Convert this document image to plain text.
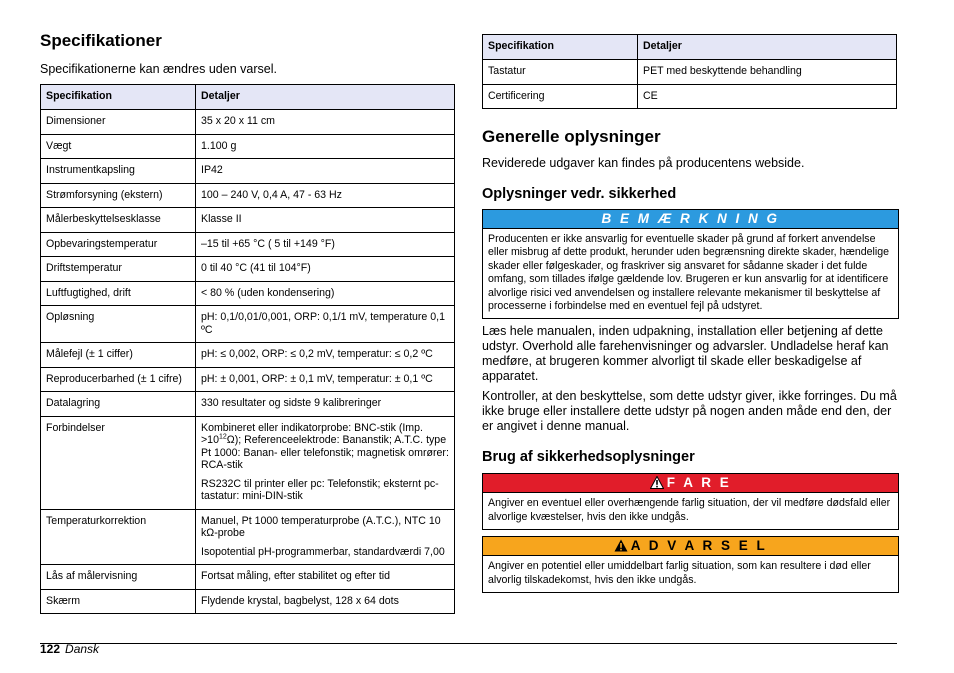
Specifikationer

Specifikationerne kan ændres uden varsel.

Specifikation	Detaljer
Dimensioner	35 x 20 x 11 cm

Vægt	1.100 g

Instrumentkapsling	IP42

Strømforsyning (ekstern)	100 – 240 V, 0,4 A, 47 - 63 Hz

Målerbeskyttelsesklasse	Klasse II

Opbevaringstemperatur	–15 til +65 °C ( 5 til +149 °F)

Driftstemperatur	0 til 40 °C (41 til 104°F)

Luftfugtighed, drift	< 80 % (uden kondensering)

Opløsning	pH: 0,1/0,01/0,001, ORP: 0,1/1 mV, temperature 0,1 ºC

Målefejl (± 1 ciffer)	pH: ≤ 0,002, ORP: ≤ 0,2 mV, temperatur: ≤ 0,2 ºC

Reproducerbarhed (± 1 cifre)	pH: ± 0,001, ORP: ± 0,1 mV, temperatur: ± 0,1 ºC

Datalagring	330 resultater og sidste 9 kalibreringer

Forbindelser	Kombineret eller indikatorprobe: BNC-stik (Imp. $>10^{12}\Omega$); Referenceelektrode: Bananstik; A.T.C. type Pt 1000: Banan- eller telefonstik; magnetisk omrører: RCA-stik
RS232C til printer eller pc: Telefonstik; eksternt pc-tastatur: mini-DIN-stik

Temperaturkorrektion	Manuel, Pt 1000 temperaturprobe (A.T.C.), NTC 10 kΩ-probe
Isopotential pH-programmerbar, standardværdi 7,00

Lås af målervisning	Fortsat måling, efter stabilitet og efter tid

Skærm	Flydende krystal, bagbelyst, 128 x 64 dots
Specifikation	Detaljer
Tastatur	PET med beskyttende behandling
Certificering	CE
Generelle oplysninger

Reviderede udgaver kan findes på producentens webside.

Oplysninger vedr. sikkerhed
B E M Æ R K N I N G
Producenten er ikke ansvarlig for eventuelle skader på grund af forkert anvendelse eller misbrug af dette produkt, herunder uden begrænsning direkte skader, hændelige skader eller følgeskader, og fraskriver sig ansvaret for sådanne skader i det fulde omfang, som tillades ifølge gældende lov. Brugeren er kun ansvarlig for at identificere alvorlige risici ved anvendelsen og installere relevante mekanismer til beskyttelse af processerne i forbindelse med en eventuel fejl på udstyret.

Læs hele manualen, inden udpakning, installation eller betjening af dette udstyr. Overhold alle farehenvisninger og advarsler. Undladelse heraf kan medføre, at brugeren kommer alvorligt til skade eller beskadigelse af apparatet.

Kontroller, at den beskyttelse, som dette udstyr giver, ikke forringes. Du må ikke bruge eller installere dette udstyr på nogen anden måde end den, der er angivet i denne manual.

Brug af sikkerhedsoplysninger
F A R E
Angiver en eventuel eller overhængende farlig situation, der vil medføre dødsfald eller alvorlige kvæstelser, hvis den ikke undgås.
A D V A R S E L
Angiver en potentiel eller umiddelbart farlig situation, som kan resultere i død eller alvorlig tilskadekomst, hvis den ikke undgås.
122 Dansk
